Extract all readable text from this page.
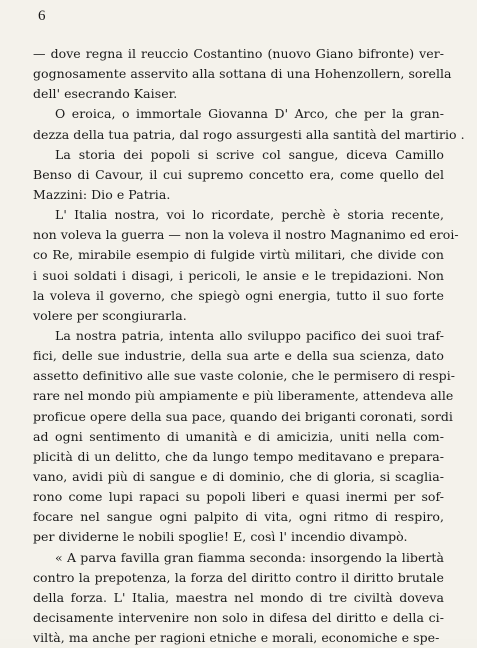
6
— dove regna il reuccio Costantino (nuovo Giano bifronte) ver-
gognosamente asservito alla sottana di una Hohenzollern, sorella
dell' esecrando Kaiser.
O eroica, o immortale Giovanna D' Arco, che per la gran-
dezza della tua patria, dal rogo assurgesti alla santità del martirio .
La storia dei popoli si scrive col sangue, diceva Camillo
Benso di Cavour, il cui supremo concetto era, come quello del
Mazzini: Dio e Patria.
L' Italia nostra, voi lo ricordate, perchè è storia recente,
non voleva la guerra — non la voleva il nostro Magnanimo ed eroi-
co Re, mirabile esempio di fulgide virtù militari, che divide con
i suoi soldati i disagi, i pericoli, le ansie e le trepidazioni. Non
la voleva il governo, che spiegò ogni energia, tutto il suo forte
volere per scongiurarla.
La nostra patria, intenta allo sviluppo pacifico dei suoi traf-
fici, delle sue industrie, della sua arte e della sua scienza, dato
assetto definitivo alle sue vaste colonie, che le permisero di respi-
rare nel mondo più ampiamente e più liberamente, attendeva alle
proficue opere della sua pace, quando dei briganti coronati, sordi
ad ogni sentimento di umanità e di amicizia, uniti nella com-
plicità di un delitto, che da lungo tempo meditavano e prepara-
vano, avidi più di sangue e di dominio, che di gloria, si scaglia-
rono come lupi rapaci su popoli liberi e quasi inermi per sof-
focare nel sangue ogni palpito di vita, ogni ritmo di respiro,
per dividerne le nobili spoglie! E, così l' incendio divampò.
« A parva favilla gran fiamma seconda: insorgendo la libertà
contro la prepotenza, la forza del diritto contro il diritto brutale
della forza. L' Italia, maestra nel mondo di tre civiltà doveva
decisamente intervenire non solo in difesa del diritto e della ci-
viltà, ma anche per ragioni etniche e morali, economiche e spe-
